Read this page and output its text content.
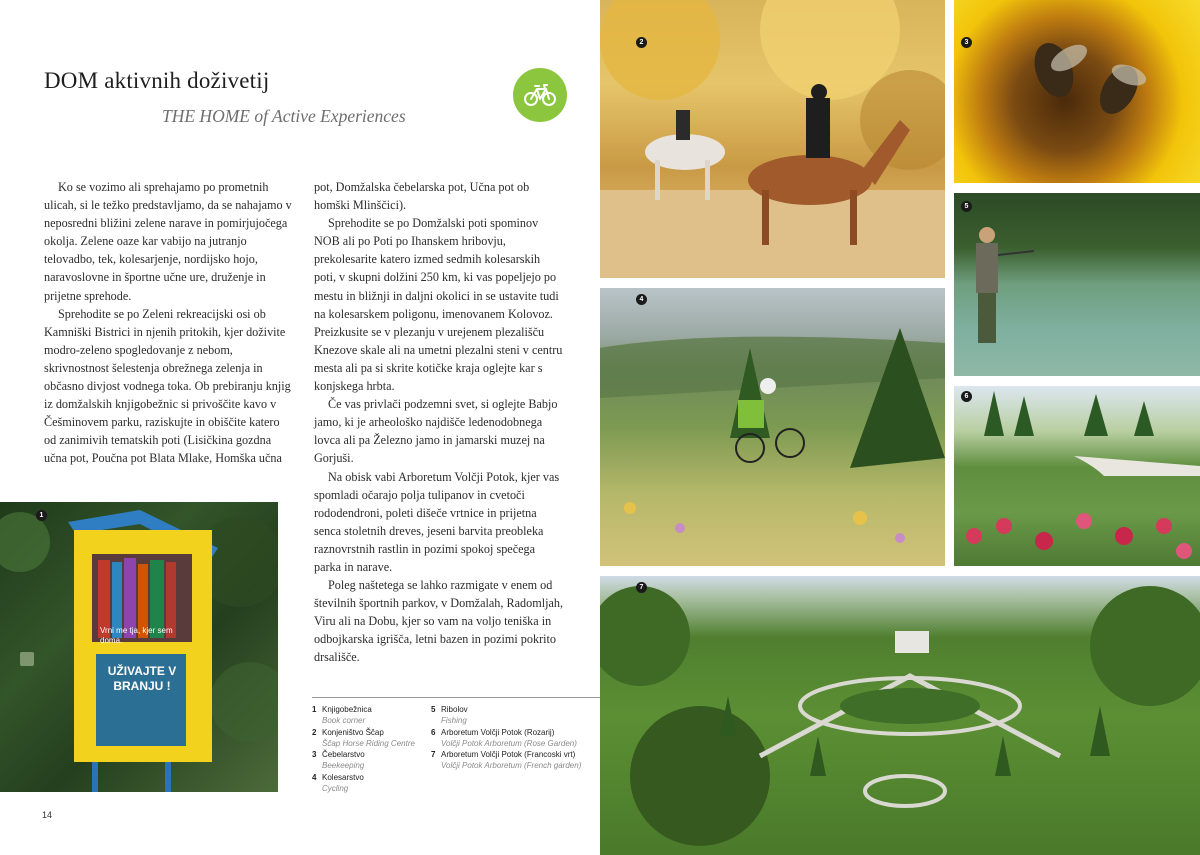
DOM aktivnih doživetij
THE HOME of Active Experiences

Ko se vozimo ali sprehajamo po prometnih ulicah, si le težko predstavljamo, da se nahajamo v neposredni bližini zelene narave in pomirjujočega okolja. Zelene oaze kar vabijo na jutranjo telovadbo, tek, kolesarjenje, nordijsko hojo, naravoslovne in športne učne ure, druženje in prijetne sprehode.

Sprehodite se po Zeleni rekreacijski osi ob Kamniški Bistrici in njenih pritokih, kjer doživite modro-zeleno spogledovanje z nebom, skrivnostnost šelestenja obrežnega zelenja in občasno divjost vodnega toka. Ob prebiranju knjig iz domžalskih knjigobežnic si privoščite kavo v Češminovem parku, raziskujte in obiščite katero od zanimivih tematskih poti (Lisičkina gozdna učna pot, Poučna pot Blata Mlake, Homška učna

pot, Domžalska čebelarska pot, Učna pot ob homški Mlinščici).

Sprehodite se po Domžalski poti spominov NOB ali po Poti po Ihanskem hribovju, prekolesarite katero izmed sedmih kolesarskih poti, v skupni dolžini 250 km, ki vas popeljejo po mestu in bližnji in daljni okolici in se ustavite tudi na kolesarskem poligonu, imenovanem Kolovoz. Preizkusite se v plezanju v urejenem plezališču Knezove skale ali na umetni plezalni steni v centru mesta ali pa si skrite kotičke kraja oglejte kar s konjskega hrbta.

Če vas privlači podzemni svet, si oglejte Babjo jamo, ki je arheološko najdišče ledenodobnega lovca ali pa Železno jamo in jamarski muzej na Gorjuši.

Na obisk vabi Arboretum Volčji Potok, kjer vas spomladi očarajo polja tulipanov in cvetoči rododendroni, poleti dišeče vrtnice in prijetna senca stoletnih dreves, jeseni barvita preobleka raznovrstnih rastlin in pozimi spokoj spečega parka in narave.

Poleg naštetega se lahko razmigate v enem od številnih športnih parkov, v Domžalah, Radomljah, Viru ali na Dobu, kjer so vam na voljo teniška in odbojkarska igrišča, letni bazen in pozimi pokrito drsališče.

Vrni me tja, kjer sem doma.
UŽIVAJTE V BRANJU !
1
2	3
4
5
6
7
1 Knjigobežnica
Book corner
2 Konjeništvo Ščap
Ščap Horse Riding Centre
3 Čebelarstvo
Beekeeping
4 Kolesarstvo
Cycling
5 Ribolov
Fishing
6 Arboretum Volčji Potok (Rozarij)
Volčji Potok Arboretum (Rose Garden)
7 Arboretum Volčji Potok (Francoski vrt)
Volčji Potok Arboretum (French garden)
14
